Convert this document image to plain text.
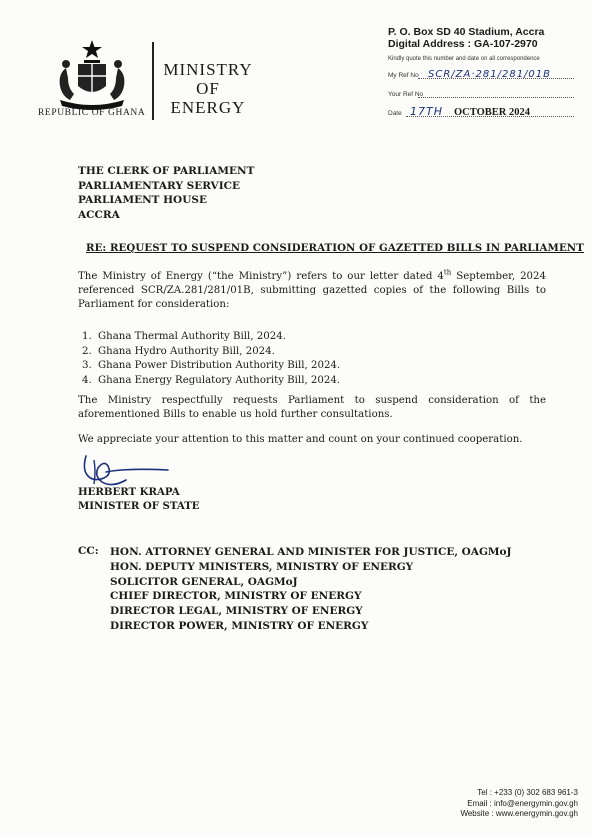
REPUBLIC OF GHANA
MINISTRY
OF
ENERGY
P. O. Box SD 40 Stadium, Accra
Digital Address : GA-107-2970
Kindly quote this number and date on all correspondence
My Ref No SCR/ZA·281/281/01B
Your Ref No
Date 17TH OCTOBER 2024
THE CLERK OF PARLIAMENT
PARLIAMENTARY SERVICE
PARLIAMENT HOUSE
ACCRA
RE: REQUEST TO SUSPEND CONSIDERATION OF GAZETTED BILLS IN PARLIAMENT
The Ministry of Energy (“the Ministry”) refers to our letter dated 4th September, 2024 referenced SCR/ZA.281/281/01B, submitting gazetted copies of the following Bills to Parliament for consideration:
1. Ghana Thermal Authority Bill, 2024.
2. Ghana Hydro Authority Bill, 2024.
3. Ghana Power Distribution Authority Bill, 2024.
4. Ghana Energy Regulatory Authority Bill, 2024.
The Ministry respectfully requests Parliament to suspend consideration of the aforementioned Bills to enable us hold further consultations.
We appreciate your attention to this matter and count on your continued cooperation.
HERBERT KRAPA
MINISTER OF STATE
CC: HON. ATTORNEY GENERAL AND MINISTER FOR JUSTICE, OAGMoJ
HON. DEPUTY MINISTERS, MINISTRY OF ENERGY
SOLICITOR GENERAL, OAGMoJ
CHIEF DIRECTOR, MINISTRY OF ENERGY
DIRECTOR LEGAL, MINISTRY OF ENERGY
DIRECTOR POWER, MINISTRY OF ENERGY
Tel : +233 (0) 302 683 961-3
Email : info@energymin.gov.gh
Website : www.energymin.gov.gh
